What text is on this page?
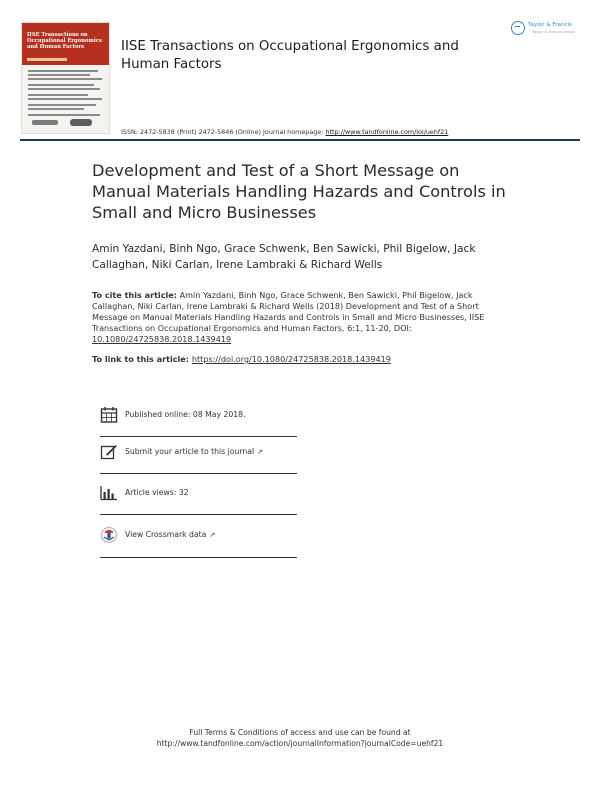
IISE Transactions on Occupational Ergonomics and Human Factors	IISE Transactions on Occupational Ergonomics and Human Factors
Taylor & Francis
Taylor & Francis Group
ISSN: 2472-5838 (Print) 2472-5846 (Online) Journal homepage: http://www.tandfonline.com/loi/uehf21
Development and Test of a Short Message on Manual Materials Handling Hazards and Controls in Small and Micro Businesses
Amin Yazdani, Binh Ngo, Grace Schwenk, Ben Sawicki, Phil Bigelow, Jack Callaghan, Niki Carlan, Irene Lambraki & Richard Wells
To cite this article: Amin Yazdani, Binh Ngo, Grace Schwenk, Ben Sawicki, Phil Bigelow, Jack Callaghan, Niki Carlan, Irene Lambraki & Richard Wells (2018) Development and Test of a Short Message on Manual Materials Handling Hazards and Controls in Small and Micro Businesses, IISE Transactions on Occupational Ergonomics and Human Factors, 6:1, 11-20, DOI: 10.1080/24725838.2018.1439419
To link to this article: https://doi.org/10.1080/24725838.2018.1439419
Published online: 08 May 2018.
Submit your article to this journal ↗
Article views: 32
View Crossmark data ↗
Full Terms & Conditions of access and use can be found at
http://www.tandfonline.com/action/journalInformation?journalCode=uehf21
